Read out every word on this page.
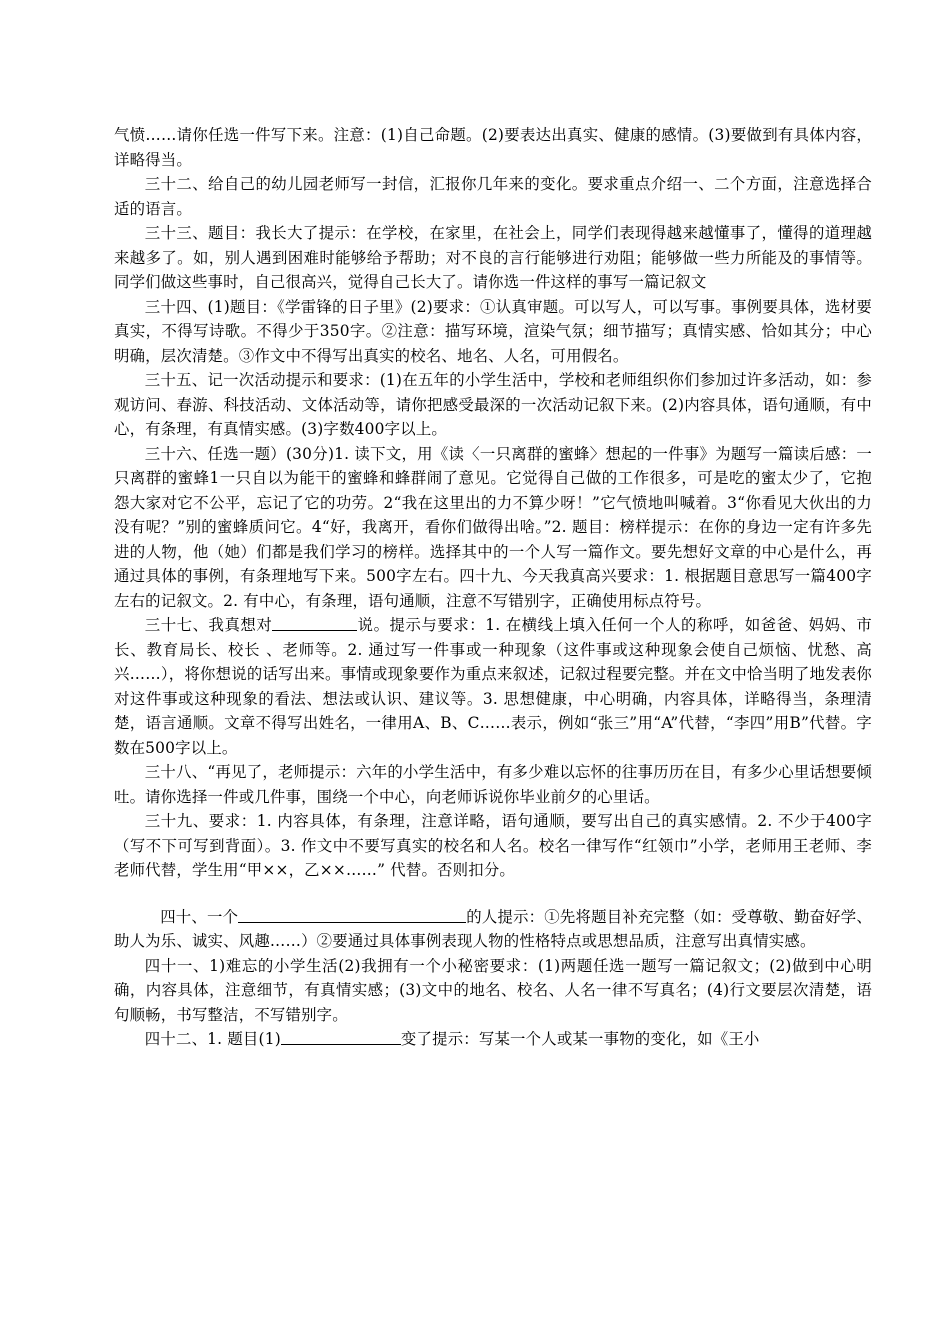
气愤……请你任选一件写下来。注意：(1)自己命题。(2)要表达出真实、健康的感情。(3)要做到有具体内容，详略得当。

三十二、给自己的幼儿园老师写一封信，汇报你几年来的变化。要求重点介绍一、二个方面，注意选择合适的语言。

三十三、题目：我长大了提示：在学校，在家里，在社会上，同学们表现得越来越懂事了，懂得的道理越来越多了。如，别人遇到困难时能够给予帮助；对不良的言行能够进行劝阻；能够做一些力所能及的事情等。同学们做这些事时，自己很高兴，觉得自己长大了。请你选一件这样的事写一篇记叙文

三十四、(1)题目：《学雷锋的日子里》(2)要求：①认真审题。可以写人，可以写事。事例要具体，选材要真实，不得写诗歌。不得少于350字。②注意：描写环境，渲染气氛；细节描写；真情实感、恰如其分；中心明确，层次清楚。③作文中不得写出真实的校名、地名、人名，可用假名。

三十五、记一次活动提示和要求：(1)在五年的小学生活中，学校和老师组织你们参加过许多活动，如：参观访问、春游、科技活动、文体活动等，请你把感受最深的一次活动记叙下来。(2)内容具体，语句通顺，有中心，有条理，有真情实感。(3)字数400字以上。

三十六、任选一题）(30分)1. 读下文，用《读〈一只离群的蜜蜂〉想起的一件事》为题写一篇读后感：一只离群的蜜蜂1一只自以为能干的蜜蜂和蜂群闹了意见。它觉得自己做的工作很多，可是吃的蜜太少了，它抱怨大家对它不公平，忘记了它的功劳。2“我在这里出的力不算少呀！”它气愤地叫喊着。3“你看见大伙出的力没有呢？”别的蜜蜂质问它。4“好，我离开，看你们做得出啥。”2. 题目：榜样提示：在你的身边一定有许多先进的人物，他（她）们都是我们学习的榜样。选择其中的一个人写一篇作文。要先想好文章的中心是什么，再通过具体的事例，有条理地写下来。500字左右。四十九、今天我真高兴要求：1. 根据题目意思写一篇400字左右的记叙文。2. 有中心，有条理，语句通顺，注意不写错别字，正确使用标点符号。

三十七、我真想对	说。提示与要求：1. 在横线上填入任何一个人的称呼，如爸爸、妈妈、市长、教育局长、校长 、老师等。2. 通过写一件事或一种现象（这件事或这种现象会使自己烦恼、忧愁、高兴……），将你想说的话写出来。事情或现象要作为重点来叙述，记叙过程要完整。并在文中恰当明了地发表你对这件事或这种现象的看法、想法或认识、建议等。3. 思想健康，中心明确，内容具体，详略得当，条理清楚，语言通顺。文章不得写出姓名，一律用A、B、C……表示，例如“张三”用“A”代替，“李四”用B”代替。字数在500字以上。

三十八、“再见了，老师提示：六年的小学生活中，有多少难以忘怀的往事历历在目，有多少心里话想要倾吐。请你选择一件或几件事，围绕一个中心，向老师诉说你毕业前夕的心里话。

三十九、要求：1. 内容具体，有条理，注意详略，语句通顺，要写出自己的真实感情。2. 不少于400字（写不下可写到背面）。3. 作文中不要写真实的校名和人名。校名一律写作“红领巾”小学，老师用王老师、李老师代替，学生用“甲××，乙××……” 代替。否则扣分。

四十、一个	的人提示：①先将题目补充完整（如：受尊敬、勤奋好学、助人为乐、诚实、风趣……）②要通过具体事例表现人物的性格特点或思想品质，注意写出真情实感。

四十一、1)难忘的小学生活(2)我拥有一个小秘密要求：(1)两题任选一题写一篇记叙文；(2)做到中心明确，内容具体，注意细节，有真情实感；(3)文中的地名、校名、人名一律不写真名；(4)行文要层次清楚，语句顺畅，书写整洁，不写错别字。

四十二、1. 题目(1)	变了提示：写某一个人或某一事物的变化，如《王小
